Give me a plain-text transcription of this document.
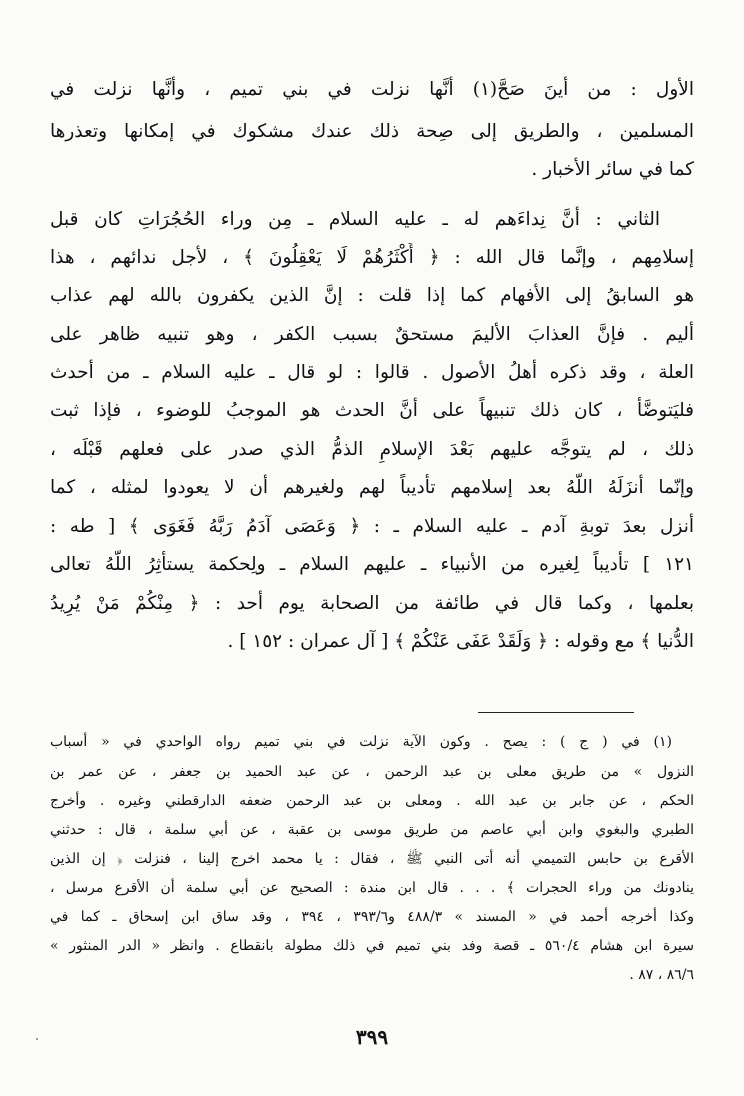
الأول : من أينَ صَحَّ(١) أنَّها نزلت في بني تميم ، وأنَّها نزلت في
المسلمين ، والطريق إلى صِحة ذلك عندك مشكوك في إمكانها وتعذرها
كما في سائر الأخبار .
الثاني : أنَّ نِداءَهم له ـ عليه السلام ـ مِن وراء الحُجُرَاتِ كان قبل
إسلامِهم ، وإنَّما قال الله : ﴿ أَكْثَرُهُمْ لَا يَعْقِلُونَ ﴾ ، لأجل ندائهم ، هذا
هو السابقُ إلى الأفهام كما إذا قلت : إنَّ الذين يكفرون بالله لهم عذاب
أليم . فإنَّ العذابَ الأليمَ مستحقٌ بسبب الكفر ، وهو تنبيه ظاهر على
العلة ، وقد ذكره أهلُ الأصول . قالوا : لو قال ـ عليه السلام ـ من أحدث
فليَتوضَّأْ ، كان ذلك تنبيهاً على أنَّ الحدث هو الموجبُ للوضوء ، فإذا ثبت
ذلك ، لم يتوجَّه عليهم بَعْدَ الإسلامِ الذمُّ الذي صدر على فعلهم قَبْلَه ،
وإنّما أنزَلَهُ اللَّهُ بعد إسلامهم تأديباً لهم ولغيرهم أن لا يعودوا لمثله ، كما
أنزل بعدَ توبةِ آدم ـ عليه السلام ـ : ﴿ وَعَصَى آدَمُ رَبَّهُ فَغَوَى ﴾ [ طه :
١٢١ ] تأديباً لِغيره من الأنبياء ـ عليهم السلام ـ ولِحكمة يستأثِرُ اللَّهُ تعالى
بعلمها ، وكما قال في طائفة من الصحابة يوم أحد : ﴿ مِنْكُمْ مَنْ يُرِيدُ
الدُّنيا ﴾ مع وقوله : ﴿ وَلَقَدْ عَفَى عَنْكُمْ ﴾ [ آل عمران : ١٥٢ ] .
(١) في ( ج ) : يصح . وكون الآية نزلت في بني تميم رواه الواحدي في « أسباب
النزول » من طريق معلى بن عبد الرحمن ، عن عبد الحميد بن جعفر ، عن عمر بن
الحكم ، عن جابر بن عبد الله . ومعلى بن عبد الرحمن ضعفه الدارقطني وغيره . وأخرج
الطبري والبغوي وابن أبي عاصم من طريق موسى بن عقبة ، عن أبي سلمة ، قال : حدثني
الأقرع بن حابس التميمي أنه أتى النبي ﷺ ، فقال : يا محمد اخرج إلينا ، فنزلت ﴿ إن الذين
ينادونك من وراء الحجرات ﴾ . . . قال ابن مندة : الصحيح عن أبي سلمة أن الأقرع مرسل ،
وكذا أخرجه أحمد في « المسند » ٤٨٨/٣ و٣٩٣/٦ ، ٣٩٤ ، وقد ساق ابن إسحاق ـ كما في
سيرة ابن هشام ٥٦٠/٤ ـ قصة وفد بني تميم في ذلك مطولة بانقطاع . وانظر « الدر المنثور »
٨٦/٦ ، ٨٧ .
٣٩٩
